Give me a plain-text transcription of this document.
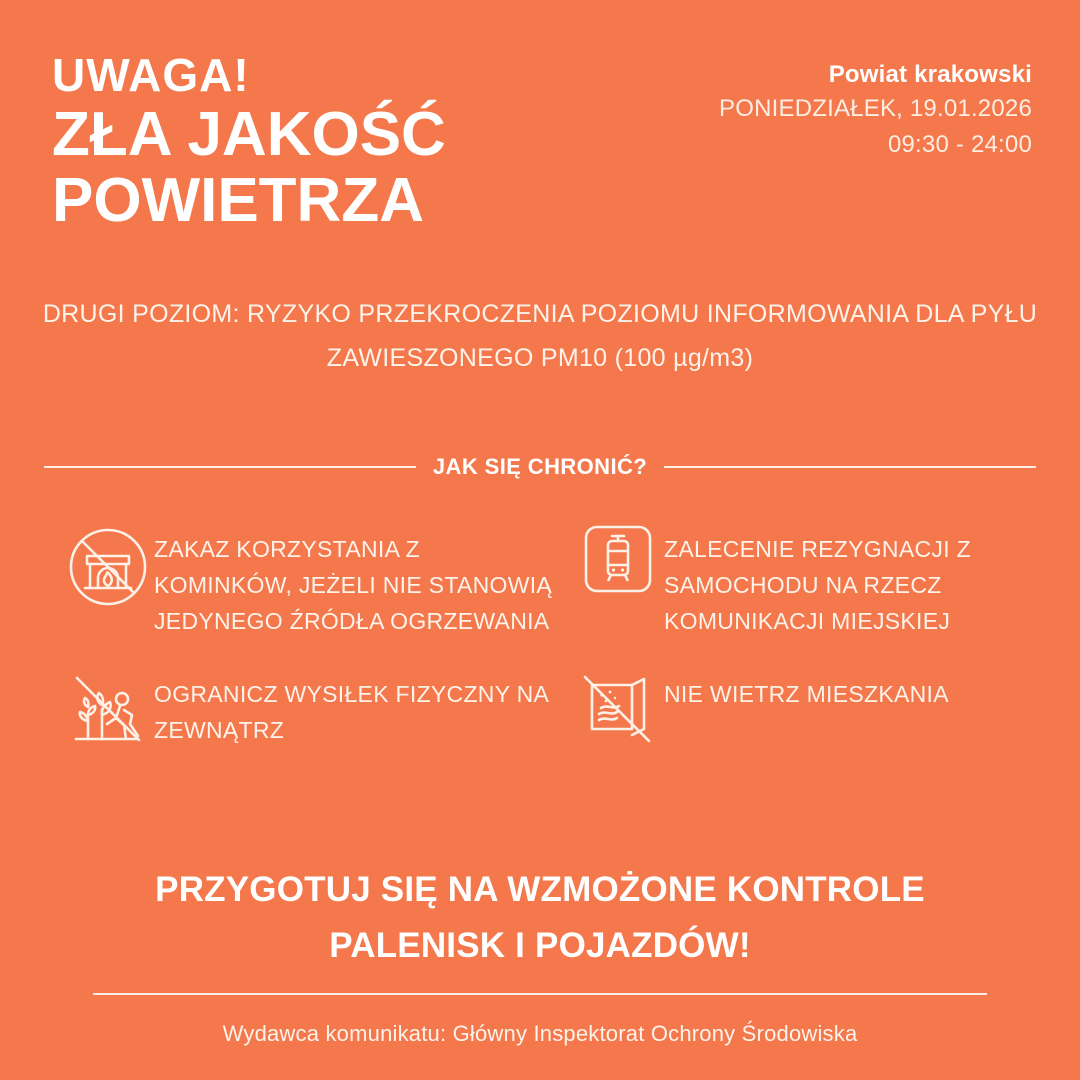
UWAGA!
ZŁA JAKOŚĆ
POWIETRZA
Powiat krakowski
PONIEDZIAŁEK, 19.01.2026
09:30 - 24:00
DRUGI POZIOM: RYZYKO PRZEKROCZENIA POZIOMU INFORMOWANIA DLA PYŁU ZAWIESZONEGO PM10 (100 µg/m3)
JAK SIĘ CHRONIĆ?
ZAKAZ KORZYSTANIA Z KOMINKÓW, JEŻELI NIE STANOWIĄ JEDYNEGO ŹRÓDŁA OGRZEWANIA
ZALECENIE REZYGNACJI Z SAMOCHODU NA RZECZ KOMUNIKACJI MIEJSKIEJ
OGRANICZ WYSIŁEK FIZYCZNY NA ZEWNĄTRZ
NIE WIETRZ MIESZKANIA
PRZYGOTUJ SIĘ NA WZMOŻONE KONTROLE
PALENISK I POJAZDÓW!
Wydawca komunikatu: Główny Inspektorat Ochrony Środowiska
